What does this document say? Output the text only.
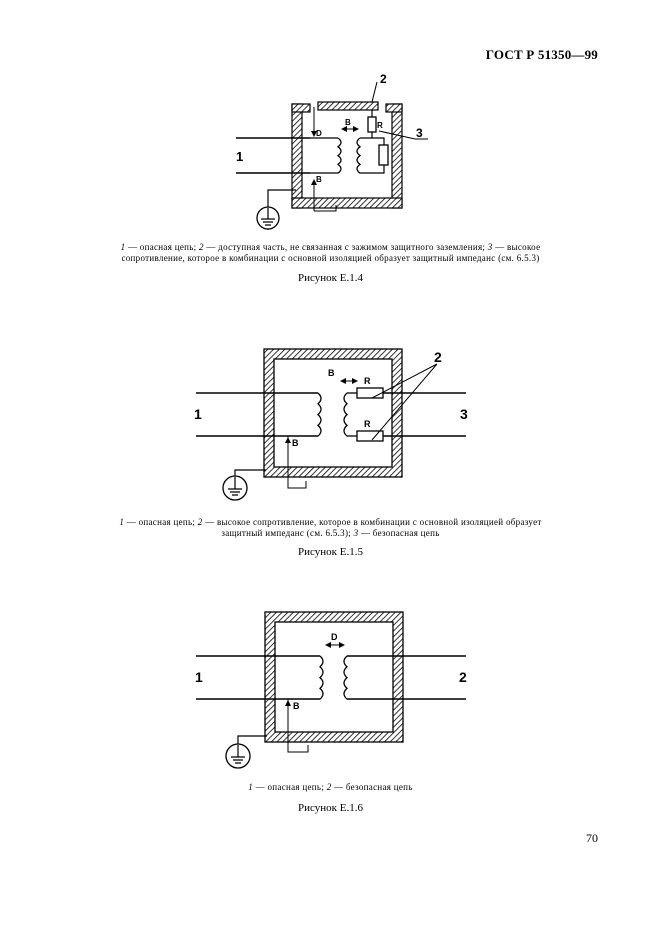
ГОСТ Р 51350—99
1
2
3
D
B
B
R
1 — опасная цепь; 2 — доступная часть, не связанная с зажимом защитного заземления; 3 — высокое
сопротивление, которое в комбинации с основной изоляцией образует защитный импеданс (см. 6.5.3)
Рисунок Е.1.4
1
2
3
B
B
R
R
1 — опасная цепь; 2 — высокое сопротивление, которое в комбинации с основной изоляцией образует
защитный импеданс (см. 6.5.3); 3 — безопасная цепь
Рисунок Е.1.5
1	2
D
B
1 — опасная цепь; 2 — безопасная цепь
Рисунок Е.1.6
70
